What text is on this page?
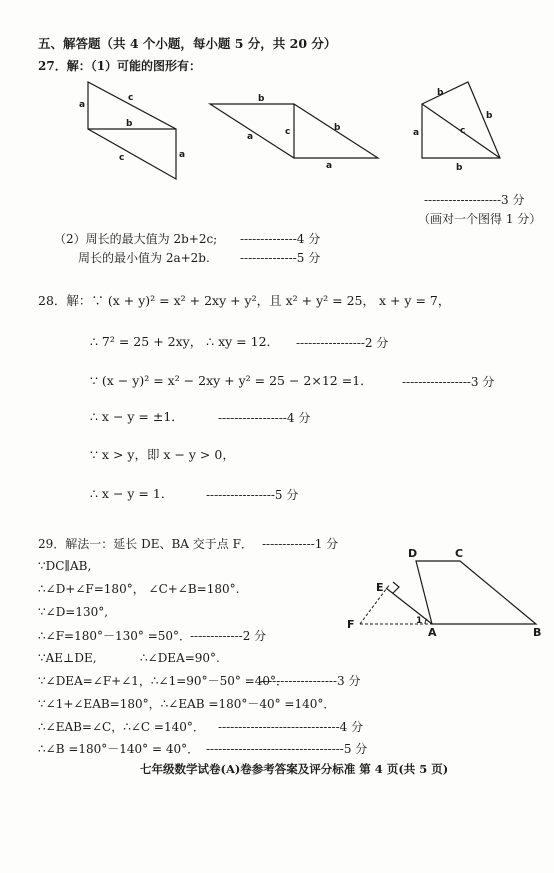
五、解答题（共 4 个小题，每小题 5 分，共 20 分）
27．解：（1）可能的图形有：
a
c
b
c	a
b
a	c	b
a
b
b
a	c
b
-------------------3 分
（画对一个图得 1 分）
（2）周长的最大值为 2b+2c; --------------4 分
周长的最小值为 2a+2b.	--------------5 分
28．解：∵ (x + y)² = x² + 2xy + y²，且 x² + y² = 25， x + y = 7，
∴ 7² = 25 + 2xy， ∴ xy = 12． -----------------2 分
∵ (x − y)² = x² − 2xy + y² = 25 − 2×12 =1． -----------------3 分
∴ x − y = ±1．	-----------------4 分
∵ x > y，即 x − y > 0，
∴ x − y = 1．	-----------------5 分
29．解法一：延长 DE、BA 交于点 F． -------------1 分
∵DC∥AB,
∴∠D+∠F=180°， ∠C+∠B=180°.
∵∠D=130°,
∴∠F=180°－130° =50°．
-------------2 分
∵AE⊥DE,	∴∠DEA=90°.
∵∠DEA=∠F+∠1，∴∠1=90°－50° =40°．
-------------------3 分
∵∠1+∠EAB=180°，∴∠EAB =180°－40° =140°．
∴∠EAB=∠C，∴∠C =140°． ------------------------------4 分
∴∠B =180°－140° = 40°． ----------------------------------5 分
D	C
E
F	1
A	B
七年级数学试卷(A)卷参考答案及评分标准 第 4 页(共 5 页)
